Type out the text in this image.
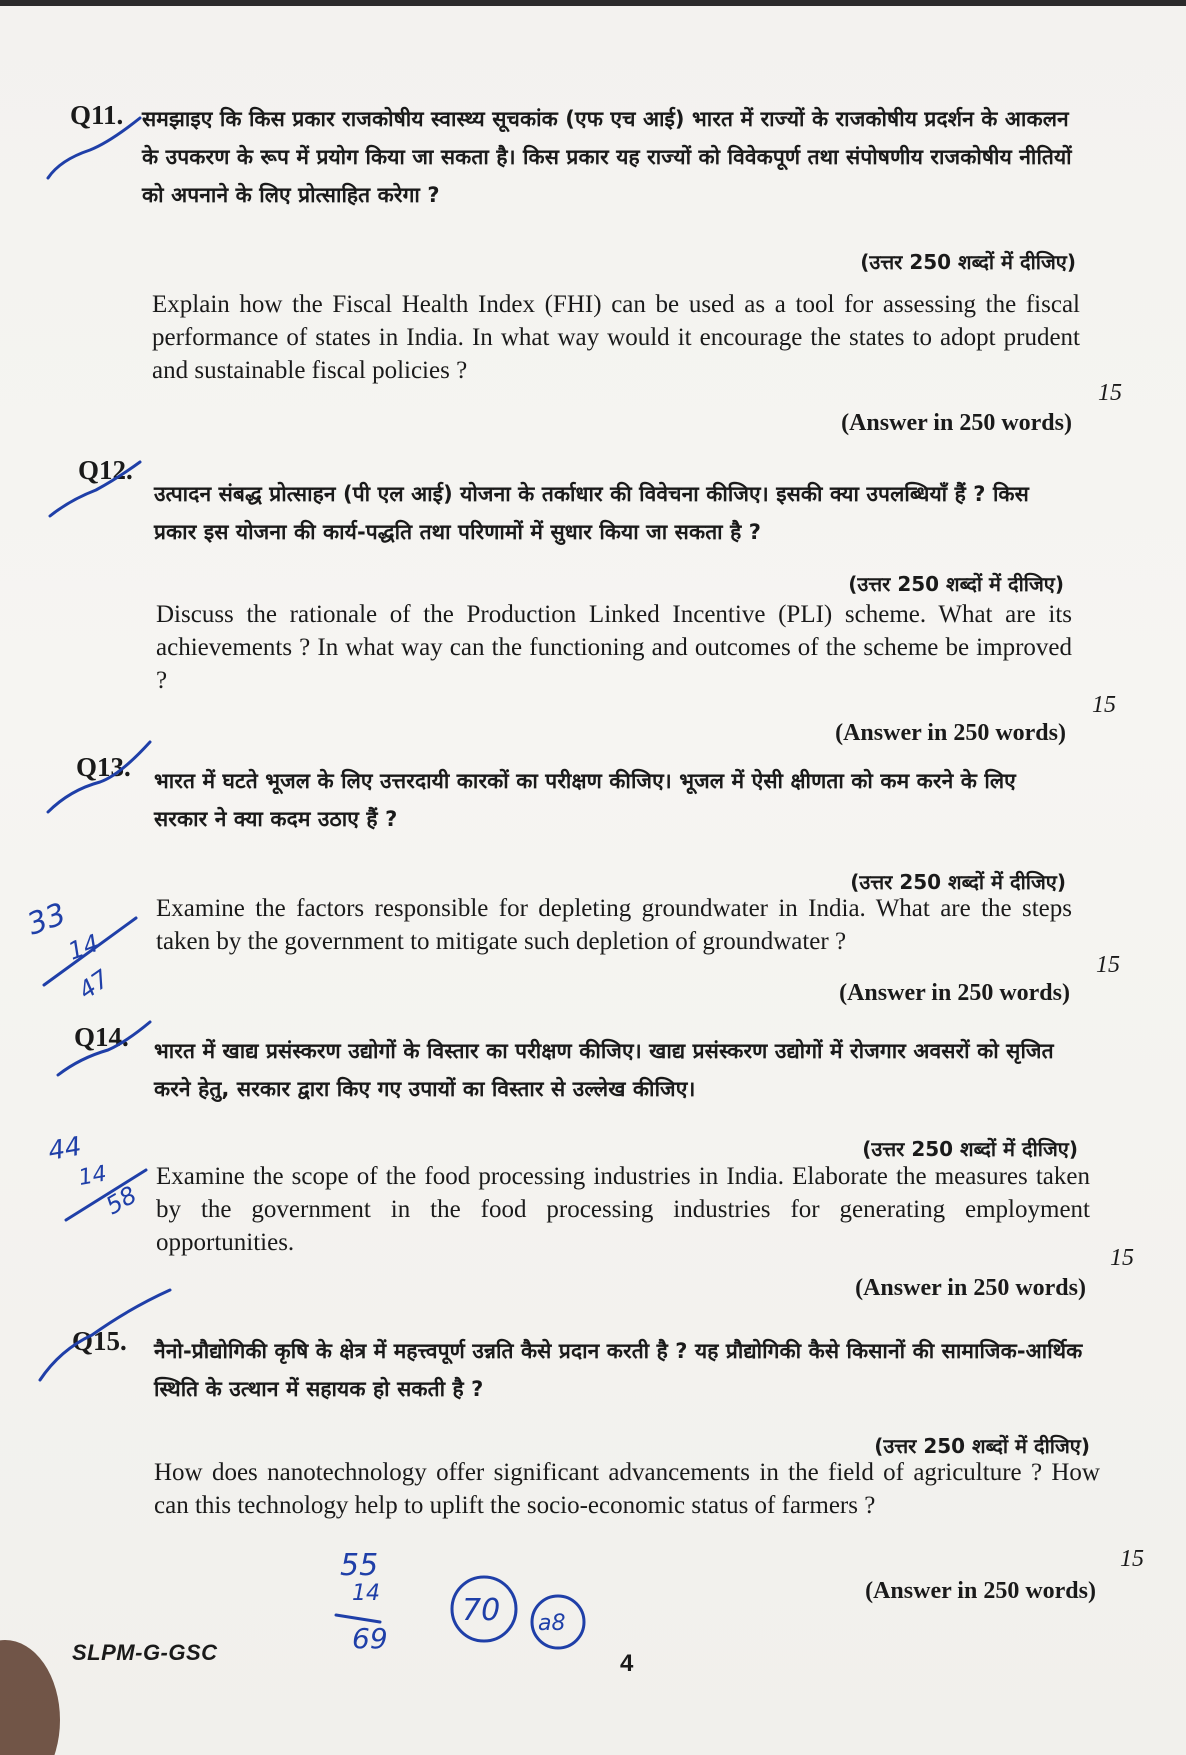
Q11. समझाइए कि किस प्रकार राजकोषीय स्वास्थ्य सूचकांक (एफ एच आई) भारत में राज्यों के राजकोषीय प्रदर्शन के आकलन के उपकरण के रूप में प्रयोग किया जा सकता है। किस प्रकार यह राज्यों को विवेकपूर्ण तथा संपोषणीय राजकोषीय नीतियों को अपनाने के लिए प्रोत्साहित करेगा ?
(उत्तर 250 शब्दों में दीजिए)
Explain how the Fiscal Health Index (FHI) can be used as a tool for assessing the fiscal performance of states in India. In what way would it encourage the states to adopt prudent and sustainable fiscal policies ?
15
(Answer in 250 words)
Q12.
उत्पादन संबद्ध प्रोत्साहन (पी एल आई) योजना के तर्काधार की विवेचना कीजिए। इसकी क्या उपलब्धियाँ हैं ? किस प्रकार इस योजना की कार्य-पद्धति तथा परिणामों में सुधार किया जा सकता है ?
(उत्तर 250 शब्दों में दीजिए)
Discuss the rationale of the Production Linked Incentive (PLI) scheme. What are its achievements ? In what way can the functioning and outcomes of the scheme be improved ?
15
(Answer in 250 words)
Q13. भारत में घटते भूजल के लिए उत्तरदायी कारकों का परीक्षण कीजिए। भूजल में ऐसी क्षीणता को कम करने के लिए सरकार ने क्या कदम उठाए हैं ?
(उत्तर 250 शब्दों में दीजिए)
Examine the factors responsible for depleting groundwater in India. What are the steps taken by the government to mitigate such depletion of groundwater ?
15
(Answer in 250 words)
Q14. भारत में खाद्य प्रसंस्करण उद्योगों के विस्तार का परीक्षण कीजिए। खाद्य प्रसंस्करण उद्योगों में रोजगार अवसरों को सृजित करने हेतु, सरकार द्वारा किए गए उपायों का विस्तार से उल्लेख कीजिए।
(उत्तर 250 शब्दों में दीजिए)
Examine the scope of the food processing industries in India. Elaborate the measures taken by the government in the food processing industries for generating employment opportunities.
15
(Answer in 250 words)
Q15. नैनो-प्रौद्योगिकी कृषि के क्षेत्र में महत्त्वपूर्ण उन्नति कैसे प्रदान करती है ? यह प्रौद्योगिकी कैसे किसानों की सामाजिक-आर्थिक स्थिति के उत्थान में सहायक हो सकती है ?
(उत्तर 250 शब्दों में दीजिए)
How does nanotechnology offer significant advancements in the field of agriculture ? How can this technology help to uplift the socio-economic status of farmers ?
15
(Answer in 250 words)
SLPM-G-GSC	4
33
14
47
44
14
58
55
14
69
70 a8
